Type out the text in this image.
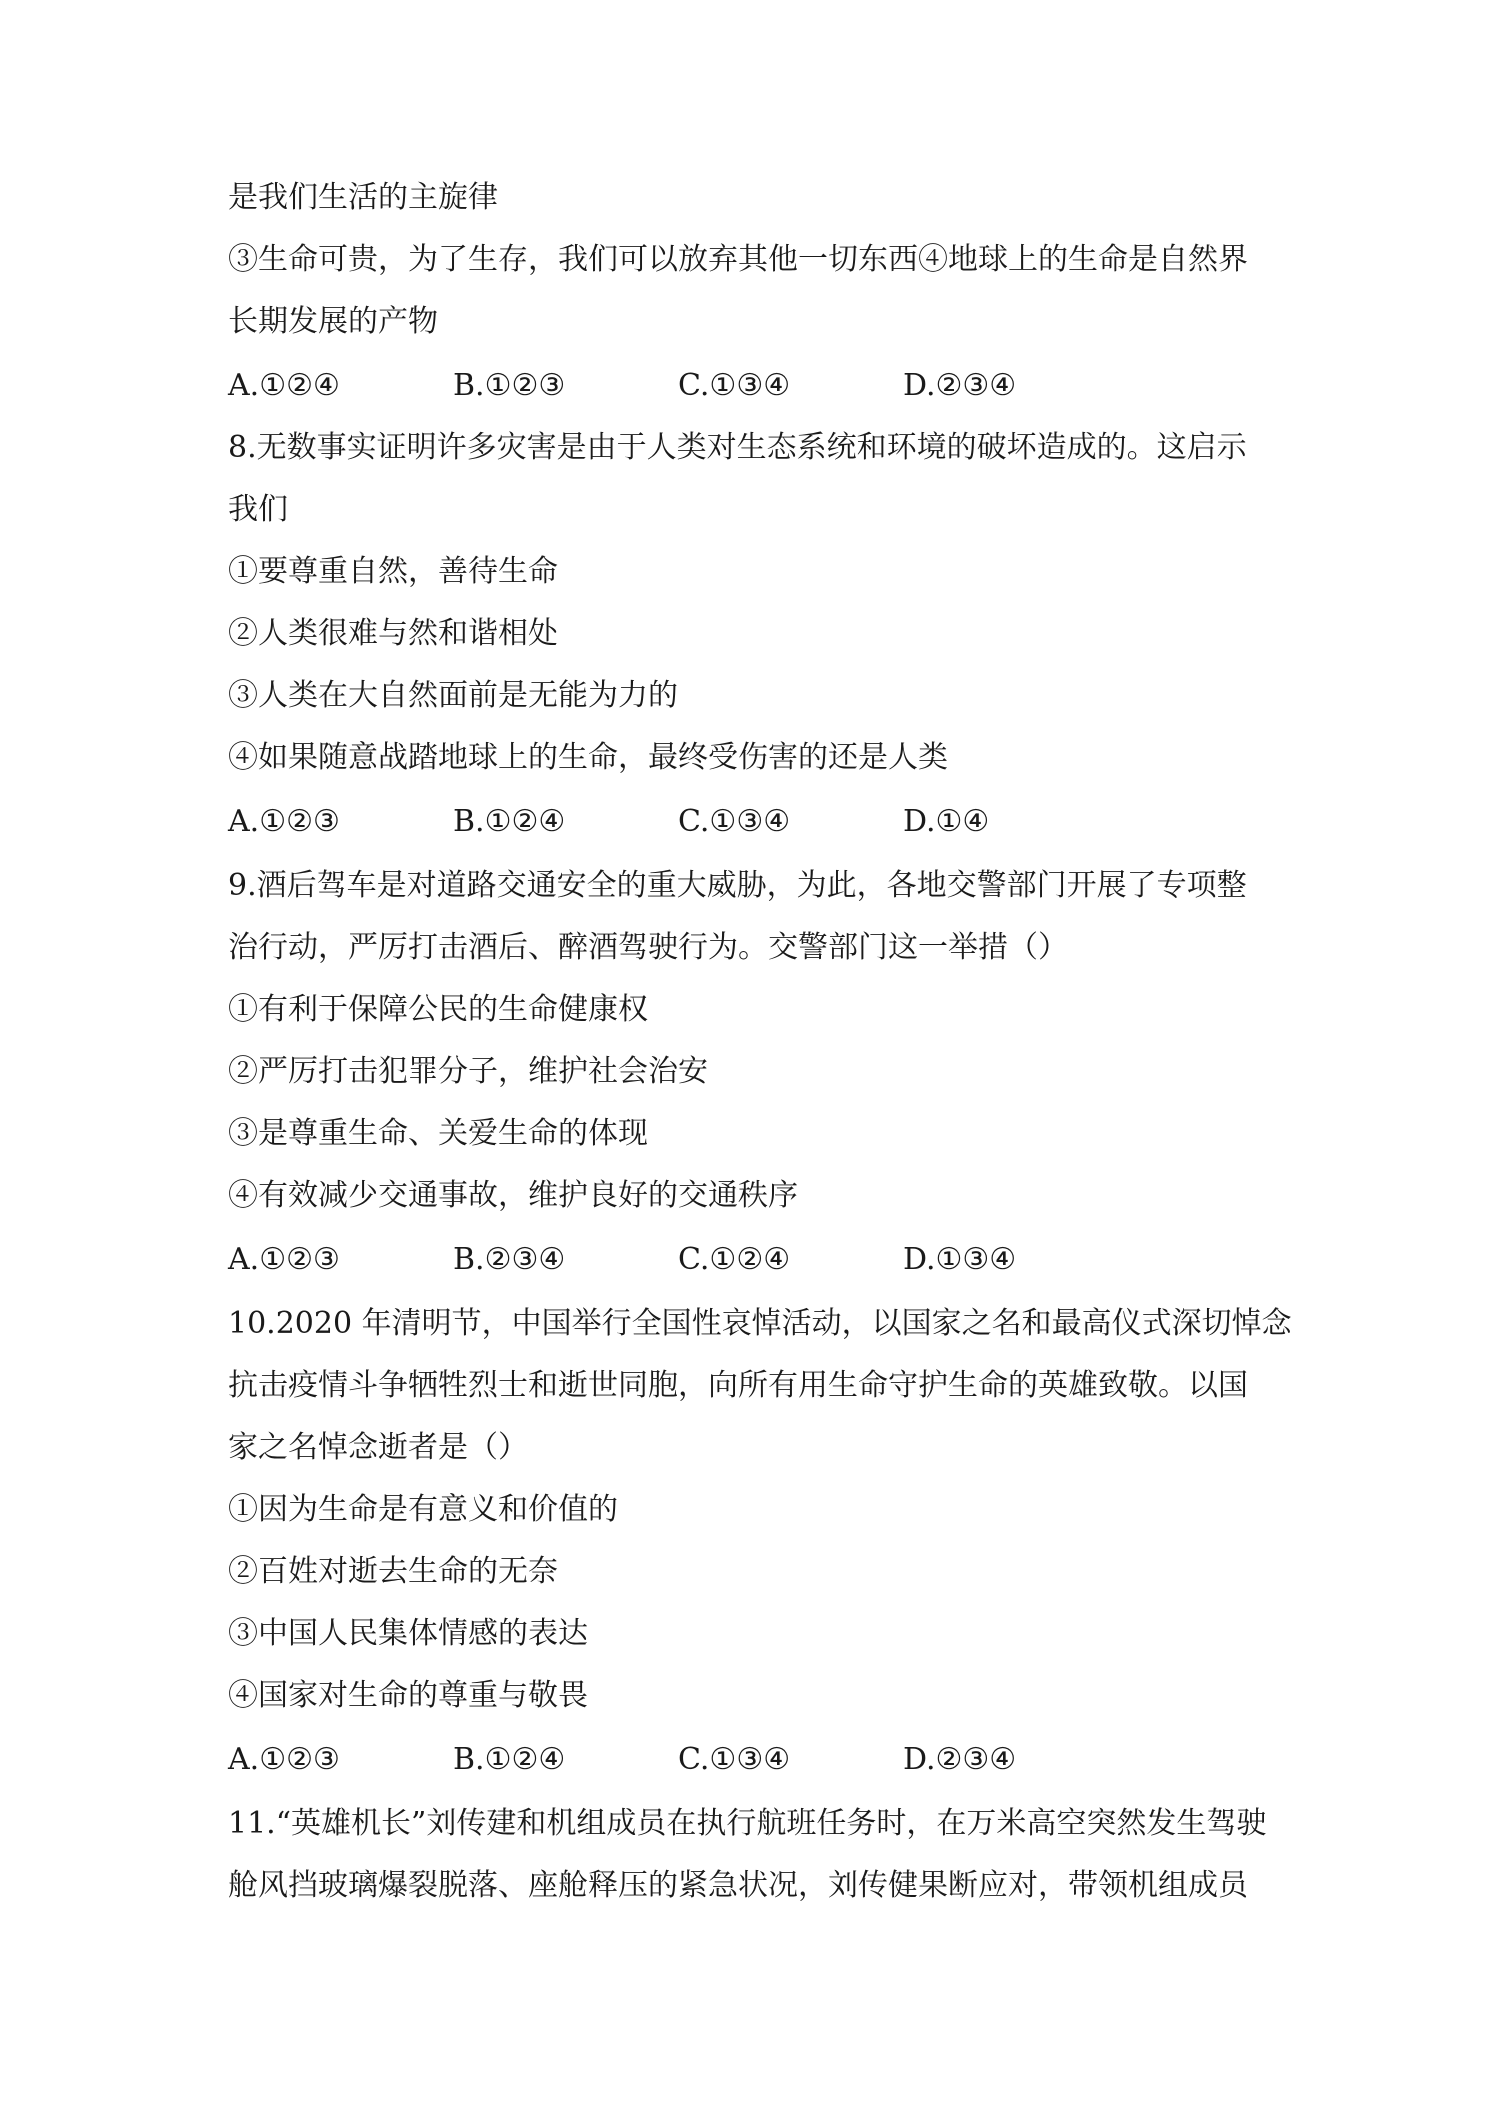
是我们生活的主旋律
③生命可贵，为了生存，我们可以放弃其他一切东西④地球上的生命是自然界
长期发展的产物
A.①②④	B.①②③	C.①③④	D.②③④
8.无数事实证明许多灾害是由于人类对生态系统和环境的破坏造成的。这启示
我们
①要尊重自然，善待生命
②人类很难与然和谐相处
③人类在大自然面前是无能为力的
④如果随意战踏地球上的生命，最终受伤害的还是人类
A.①②③	B.①②④	C.①③④	D.①④
9.酒后驾车是对道路交通安全的重大威胁，为此，各地交警部门开展了专项整
治行动，严厉打击酒后、醉酒驾驶行为。交警部门这一举措（）
①有利于保障公民的生命健康权
②严厉打击犯罪分子，维护社会治安
③是尊重生命、关爱生命的体现
④有效减少交通事故，维护良好的交通秩序
A.①②③	B.②③④	C.①②④	D.①③④
10.2020 年清明节，中国举行全国性哀悼活动，以国家之名和最高仪式深切悼念
抗击疫情斗争牺牲烈士和逝世同胞，向所有用生命守护生命的英雄致敬。以国
家之名悼念逝者是（）
①因为生命是有意义和价值的
②百姓对逝去生命的无奈
③中国人民集体情感的表达
④国家对生命的尊重与敬畏
A.①②③	B.①②④	C.①③④	D.②③④
11.“英雄机长”刘传建和机组成员在执行航班任务时，在万米高空突然发生驾驶
舱风挡玻璃爆裂脱落、座舱释压的紧急状况，刘传健果断应对，带领机组成员
